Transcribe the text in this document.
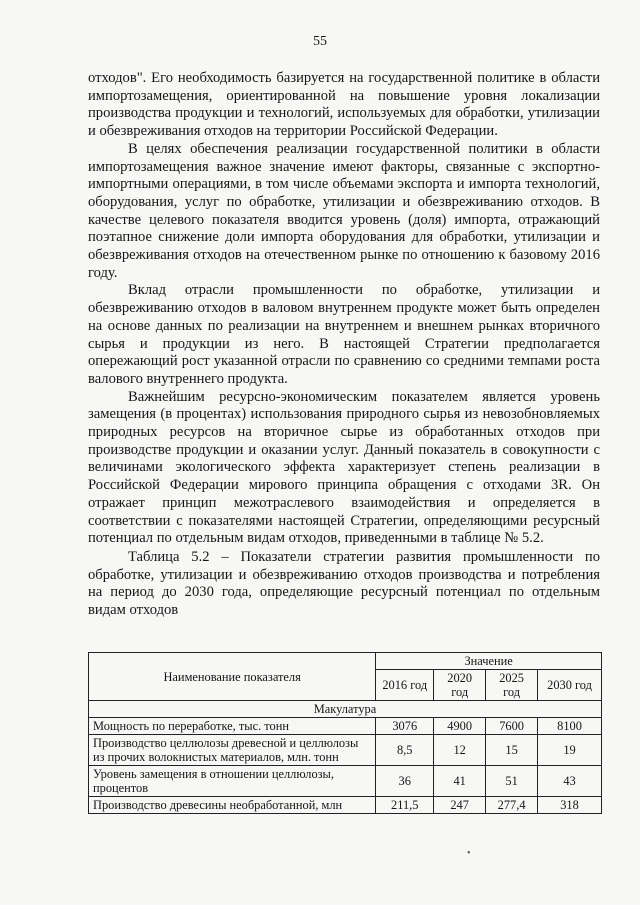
55

отходов". Его необходимость базируется на государственной политике в области импортозамещения, ориентированной на повышение уровня локализации производства продукции и технологий, используемых для обработки, утилизации и обезвреживания отходов на территории Российской Федерации.

В целях обеспечения реализации государственной политики в области импортозамещения важное значение имеют факторы, связанные с экспортно-импортными операциями, в том числе объемами экспорта и импорта технологий, оборудования, услуг по обработке, утилизации и обезвреживанию отходов. В качестве целевого показателя вводится уровень (доля) импорта, отражающий поэтапное снижение доли импорта оборудования для обработки, утилизации и обезвреживания отходов на отечественном рынке по отношению к базовому 2016 году.

Вклад отрасли промышленности по обработке, утилизации и обезвреживанию отходов в валовом внутреннем продукте может быть определен на основе данных по реализации на внутреннем и внешнем рынках вторичного сырья и продукции из него. В настоящей Стратегии предполагается опережающий рост указанной отрасли по сравнению со средними темпами роста валового внутреннего продукта.

Важнейшим ресурсно-экономическим показателем является уровень замещения (в процентах) использования природного сырья из невозобновляемых природных ресурсов на вторичное сырье из обработанных отходов при производстве продукции и оказании услуг. Данный показатель в совокупности с величинами экологического эффекта характеризует степень реализации в Российской Федерации мирового принципа обращения с отходами 3R. Он отражает принцип межотраслевого взаимодействия и определяется в соответствии с показателями настоящей Стратегии, определяющими ресурсный потенциал по отдельным видам отходов, приведенными в таблице № 5.2.

Таблица 5.2 – Показатели стратегии развития промышленности по обработке, утилизации и обезвреживанию отходов производства и потребления на период до 2030 года, определяющие ресурсный потенциал по отдельным видам отходов

Наименование показателя	Значение			
	2016 год	2020 год	2025 год	2030 год
Макулатура				
Мощность по переработке, тыс. тонн	3076	4900	7600	8100
Производство целлюлозы древесной и целлюлозы из прочих волокнистых материалов, млн. тонн	8,5	12	15	19
Уровень замещения в отношении целлюлозы, процентов	36	41	51	43
Производство древесины необработанной, млн	211,5	247	277,4	318
•
